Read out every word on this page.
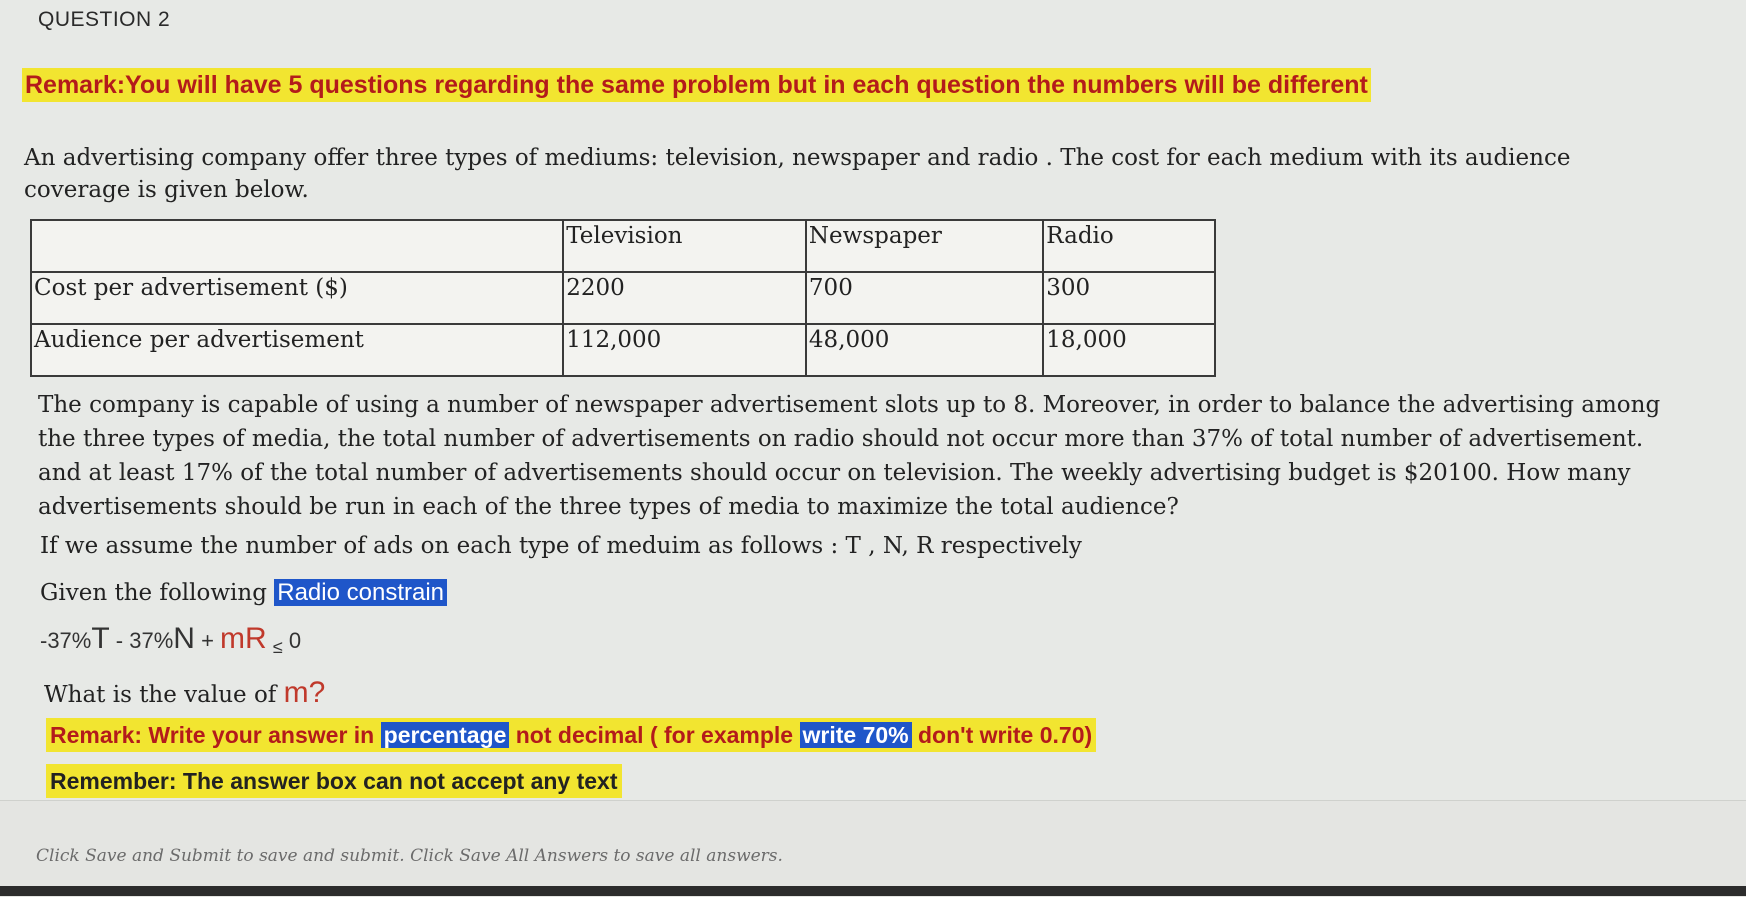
QUESTION 2
Remark:You will have 5 questions regarding the same problem but in each question the numbers will be different
An advertising company offer three types of mediums: television, newspaper and radio . The cost for each medium with its audience coverage is given below.
	Television	Newspaper	Radio
Cost per advertisement ($)	2200	700	300
Audience per advertisement	112,000	48,000	18,000
The company is capable of using a number of newspaper advertisement slots up to 8. Moreover, in order to balance the advertising among the three types of media, the total number of advertisements on radio should not occur more than 37% of total number of advertisement. and at least 17% of the total number of advertisements should occur on television. The weekly advertising budget is $20100. How many advertisements should be run in each of the three types of media to maximize the total audience?
If we assume the number of ads on each type of meduim as follows : T , N, R respectively
Given the following Radio constrain
-37%T - 37%N + mR $_\le$ 0
What is the value of m?
Remark: Write your answer in percentage not decimal ( for example write 70% don't write 0.70)
Remember: The answer box can not accept any text
Click Save and Submit to save and submit. Click Save All Answers to save all answers.
